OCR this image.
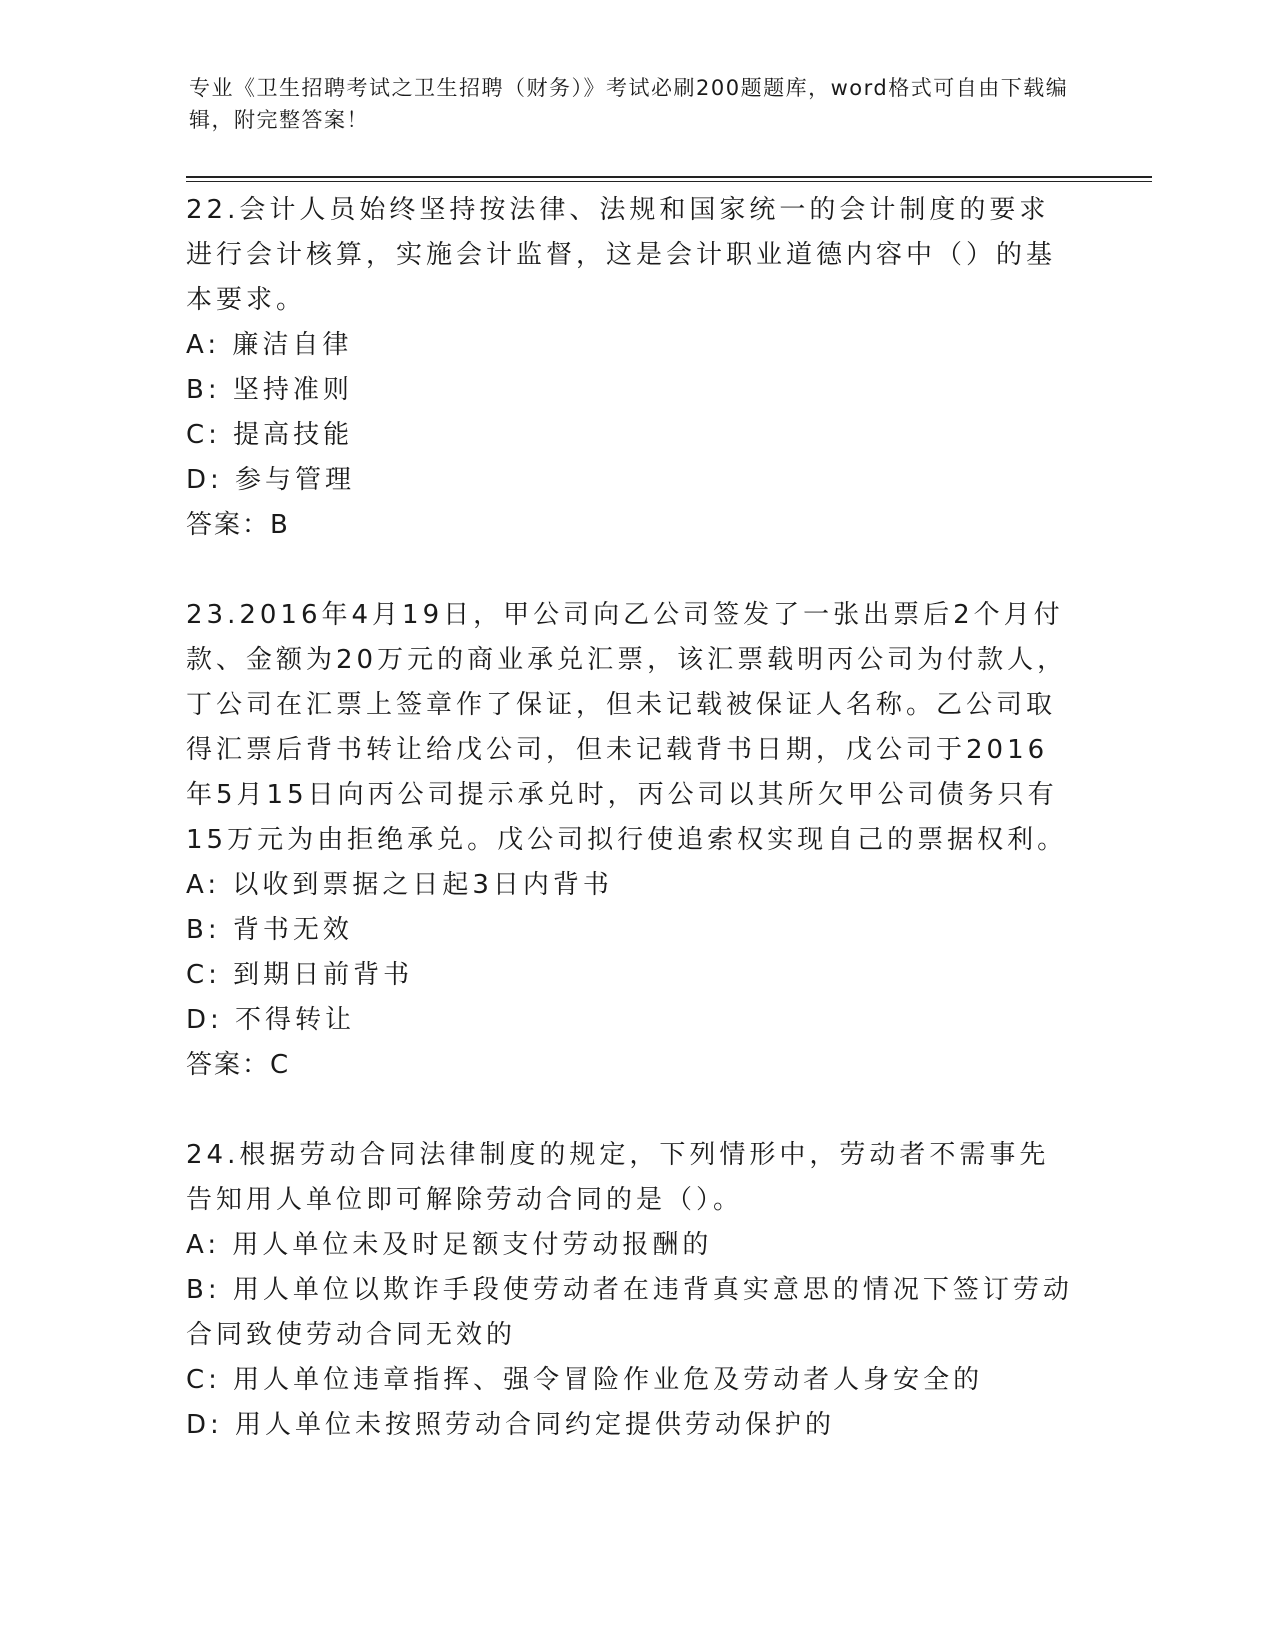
专业《卫生招聘考试之卫生招聘（财务）》考试必刷200题题库，word格式可自由下载编辑，附完整答案！

22.会计人员始终坚持按法律、法规和国家统一的会计制度的要求进行会计核算，实施会计监督，这是会计职业道德内容中（）的基本要求。

A: 廉洁自律

B: 坚持准则

C: 提高技能

D: 参与管理

答案：B

23.2016年4月19日，甲公司向乙公司签发了一张出票后2个月付款、金额为20万元的商业承兑汇票，该汇票载明丙公司为付款人，丁公司在汇票上签章作了保证，但未记载被保证人名称。乙公司取得汇票后背书转让给戊公司，但未记载背书日期，戊公司于2016年5月15日向丙公司提示承兑时，丙公司以其所欠甲公司债务只有15万元为由拒绝承兑。戊公司拟行使追索权实现自己的票据权利。

A: 以收到票据之日起3日内背书

B: 背书无效

C: 到期日前背书

D: 不得转让

答案：C

24.根据劳动合同法律制度的规定，下列情形中，劳动者不需事先告知用人单位即可解除劳动合同的是（）。

A: 用人单位未及时足额支付劳动报酬的

B: 用人单位以欺诈手段使劳动者在违背真实意思的情况下签订劳动合同致使劳动合同无效的

C: 用人单位违章指挥、强令冒险作业危及劳动者人身安全的

D: 用人单位未按照劳动合同约定提供劳动保护的
